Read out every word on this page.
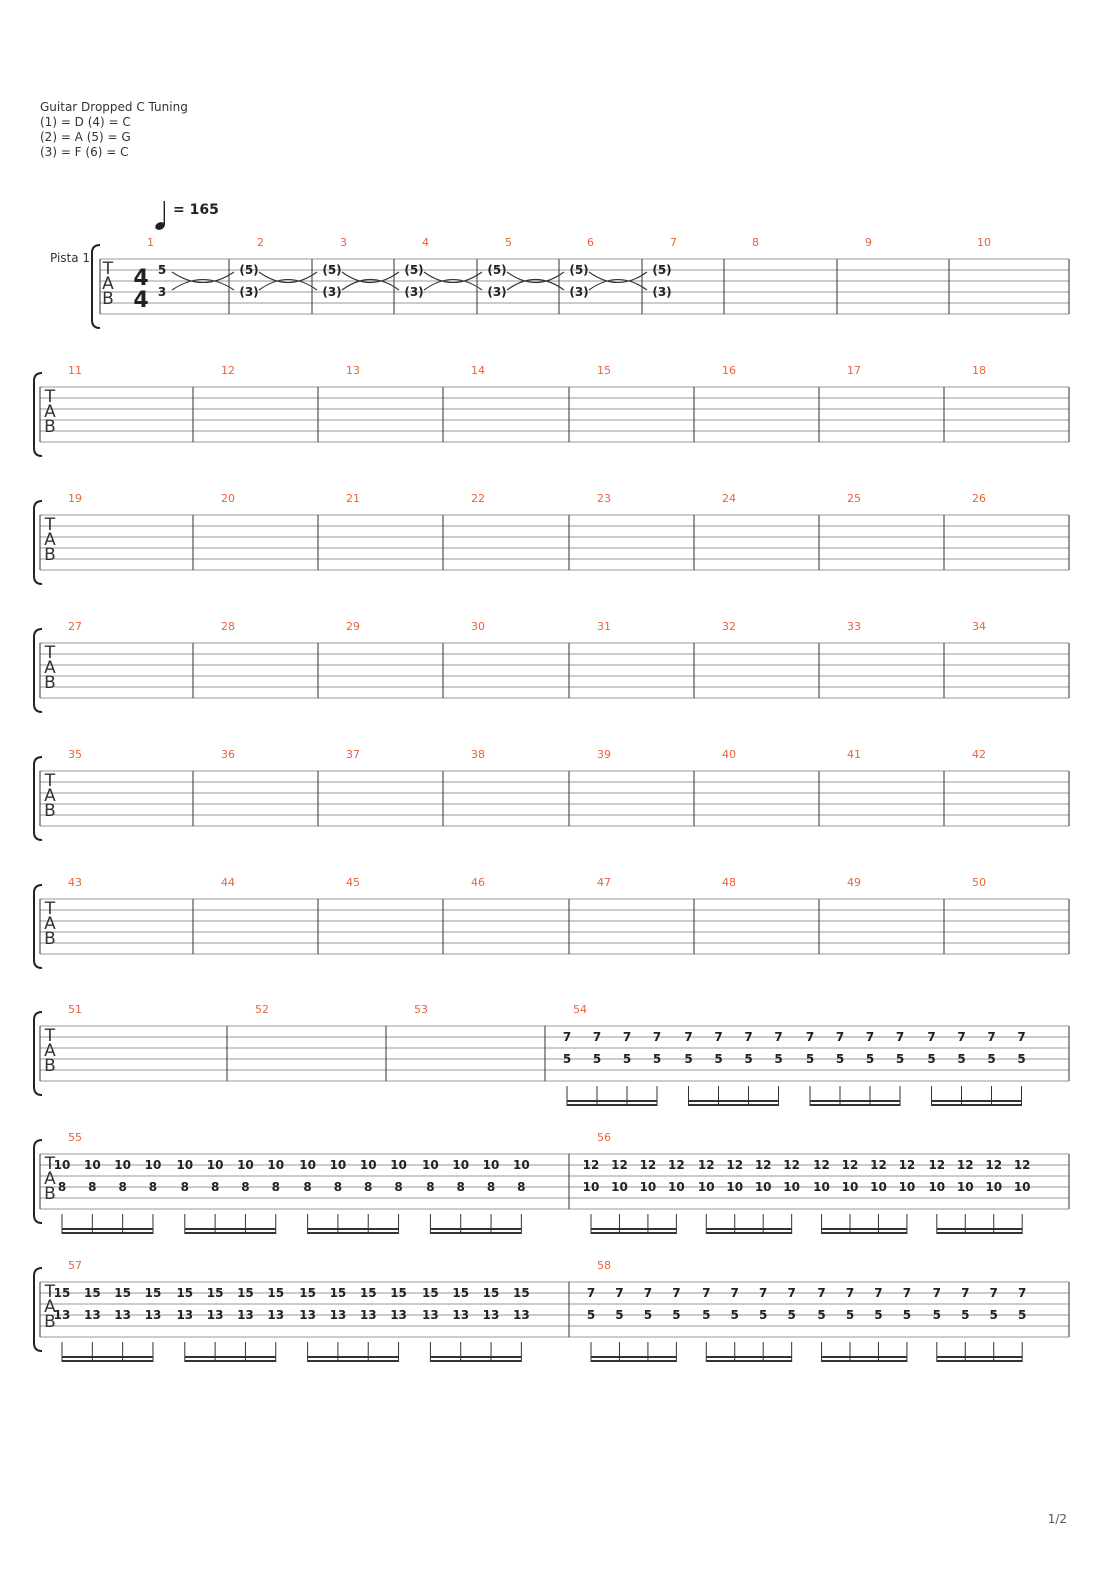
Guitar Dropped C Tuning
(1) = D (4) = C
(2) = A (5) = G
(3) = F (6) = C
= 165
Pista 1
T
A
B
4
4
1
5
3
2
(5)
(3)
3
(5)
(3)
4
(5)
(3)
5
(5)
(3)
6
(5)
(3)
7
(5)
(3)
8	9	10
T
A
B
11	12	13	14	15	16	17	18
T
A
B
19	20	21	22	23	24	25	26
T
A
B
27	28	29	30	31	32	33	34
T
A
B
35	36	37	38	39	40	41	42
T
A
B
43	44	45	46	47	48	49	50
T
A
B
51	52	53	54
7
5
7
5
7
5
7
5
7
5
7
5
7
5
7
5
7
5
7
5
7
5
7
5
7
5
7
5
7
5
7
5
T
A
B
55
10
8
10
8
10
8
10
8
10
8
10
8
10
8
10
8
10
8
10
8
10
8
10
8
10
8
10
8
10
8
10
8
56
12
10
12
10
12
10
12
10
12
10
12
10
12
10
12
10
12
10
12
10
12
10
12
10
12
10
12
10
12
10
12
10
T
A
B
57
15
13
15
13
15
13
15
13
15
13
15
13
15
13
15
13
15
13
15
13
15
13
15
13
15
13
15
13
15
13
15
13
58
7
5
7
5
7
5
7
5
7
5
7
5
7
5
7
5
7
5
7
5
7
5
7
5
7
5
7
5
7
5
7
5
1/2
